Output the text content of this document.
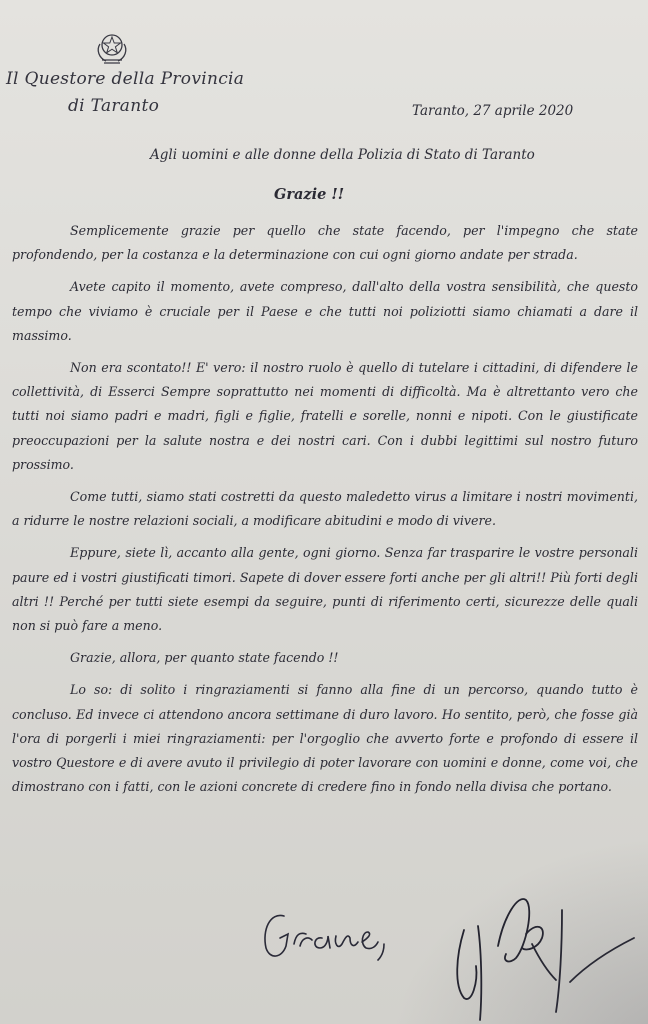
Il Questore della Provincia
di Taranto	Taranto, 27 aprile 2020
Agli uomini e alle donne della Polizia di Stato di Taranto
Grazie !!

Semplicemente grazie per quello che state facendo, per l'impegno che state profondendo, per la costanza e la determinazione con cui ogni giorno andate per strada.

Avete capito il momento, avete compreso, dall'alto della vostra sensibilità, che questo tempo che viviamo è cruciale per il Paese e che tutti noi poliziotti siamo chiamati a dare il massimo.

Non era scontato!! E' vero: il nostro ruolo è quello di tutelare i cittadini, di difendere le collettività, di Esserci Sempre soprattutto nei momenti di difficoltà. Ma è altrettanto vero che tutti noi siamo padri e madri, figli e figlie, fratelli e sorelle, nonni e nipoti. Con le giustificate preoccupazioni per la salute nostra e dei nostri cari. Con i dubbi legittimi sul nostro futuro prossimo.

Come tutti, siamo stati costretti da questo maledetto virus a limitare i nostri movimenti, a ridurre le nostre relazioni sociali, a modificare abitudini e modo di vivere.

Eppure, siete lì, accanto alla gente, ogni giorno. Senza far trasparire le vostre personali paure ed i vostri giustificati timori. Sapete di dover essere forti anche per gli altri!! Più forti degli altri !! Perché per tutti siete esempi da seguire, punti di riferimento certi, sicurezze delle quali non si può fare a meno.

Grazie, allora, per quanto state facendo !!

Lo so: di solito i ringraziamenti si fanno alla fine di un percorso, quando tutto è concluso. Ed invece ci attendono ancora settimane di duro lavoro. Ho sentito, però, che fosse già l'ora di porgerli i miei ringraziamenti: per l'orgoglio che avverto forte e profondo di essere il vostro Questore e di avere avuto il privilegio di poter lavorare con uomini e donne, come voi, che dimostrano con i fatti, con le azioni concrete di credere fino in fondo nella divisa che portano.
